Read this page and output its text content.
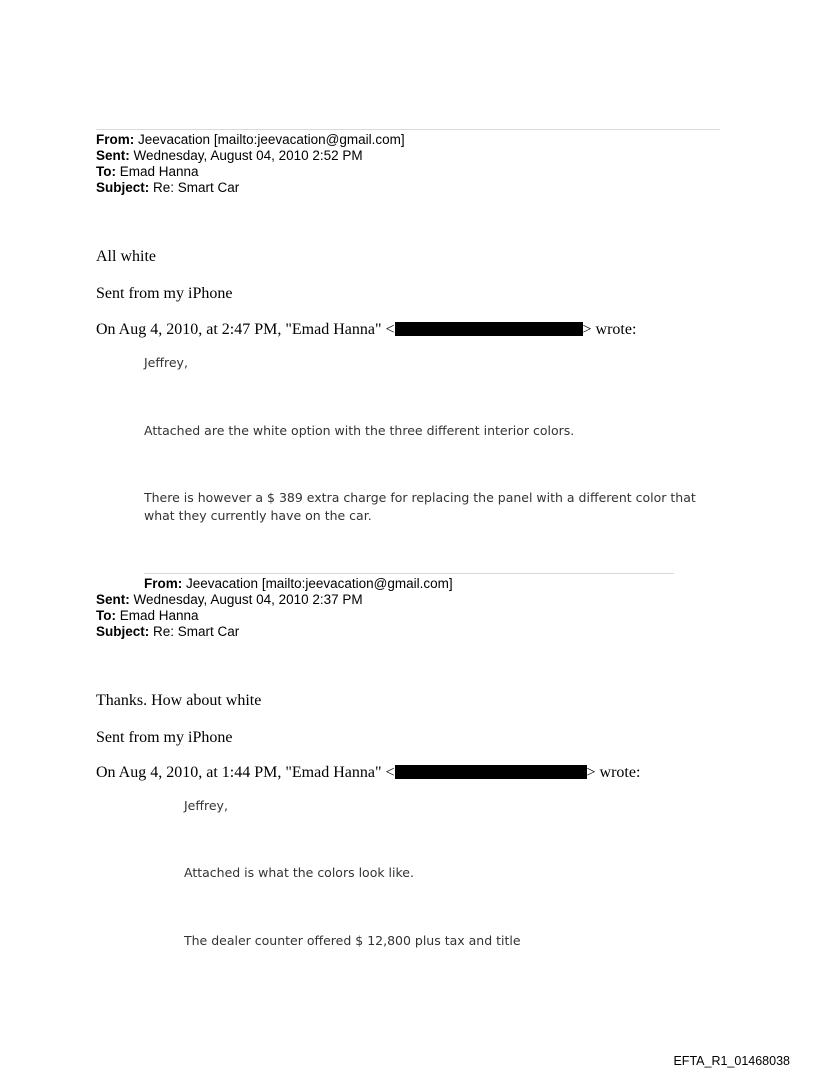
From: Jeevacation [mailto:jeevacation@gmail.com]
Sent: Wednesday, August 04, 2010 2:52 PM
To: Emad Hanna
Subject: Re: Smart Car
All white
Sent from my iPhone
On Aug 4, 2010, at 2:47 PM, "Emad Hanna" <	> wrote:
Jeffrey,
Attached are the white option with the three different interior colors.
There is however a $ 389 extra charge for replacing the panel with a different color that
what they currently have on the car.
From: Jeevacation [mailto:jeevacation@gmail.com]
Sent: Wednesday, August 04, 2010 2:37 PM
To: Emad Hanna
Subject: Re: Smart Car
Thanks. How about white
Sent from my iPhone
On Aug 4, 2010, at 1:44 PM, "Emad Hanna" <	> wrote:
Jeffrey,
Attached is what the colors look like.
The dealer counter offered $ 12,800 plus tax and title
EFTA_R1_01468038
